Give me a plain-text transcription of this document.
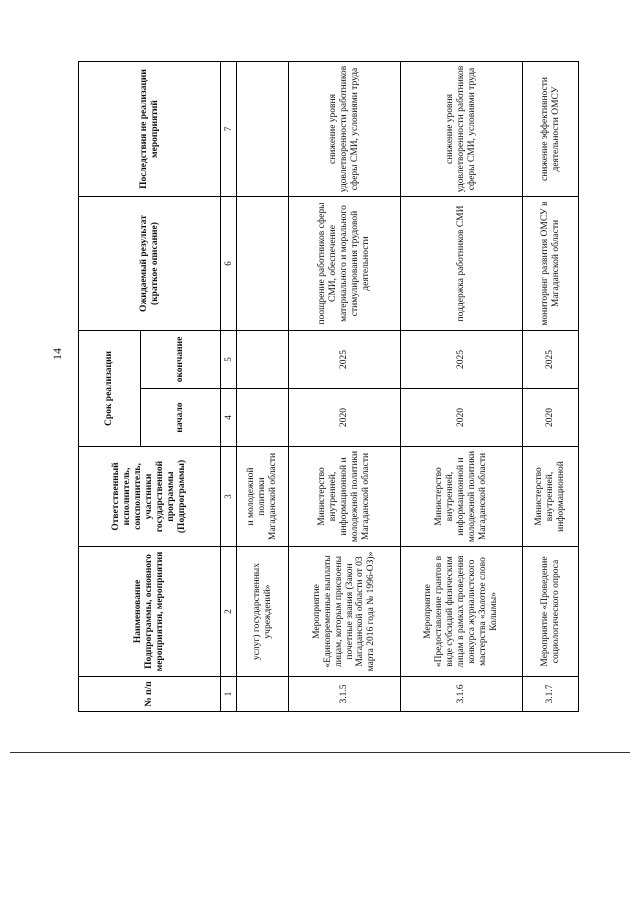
14
№ п/п	Наименование Подпрограммы, основного мероприятия, мероприятия	Ответственный исполнитель, соисполнитель, участники государственной программы (Подпрограммы)	Срок реализации		Ожидаемый результат (краткое описание)	Последствия не реализации мероприятий
			начало	окончание		
1	2	3	4	5	6	7
	услуг) государственных учреждений»	и молодежной политики Магаданской области				
3.1.5	Мероприятие «Единовременные выплаты лицам, которым присвоены почетные звания (Закон Магаданской области от 03 марта 2016 года № 1996-ОЗ)»	Министерство внутренней, информационной и молодежной политики Магаданской области	2020	2025	поощрение работников сферы СМИ, обеспечение материального и морального стимулирования трудовой деятельности	снижение уровня удовлетворенности работников сферы СМИ, условиями труда
3.1.6	Мероприятие «Предоставление грантов в виде субсидий физическим лицам в рамках проведения конкурса журналистского мастерства «Золотое слово Колымы»	Министерство внутренней, информационной и молодежной политики Магаданской области	2020	2025	поддержка работников СМИ	снижение уровня удовлетворенности работников сферы СМИ, условиями труда
3.1.7	Мероприятие «Проведение социологического опроса	Министерство внутренней, информационной	2020	2025	мониторинг развития ОМСУ в Магаданской области	снижение эффективности деятельности ОМСУ
